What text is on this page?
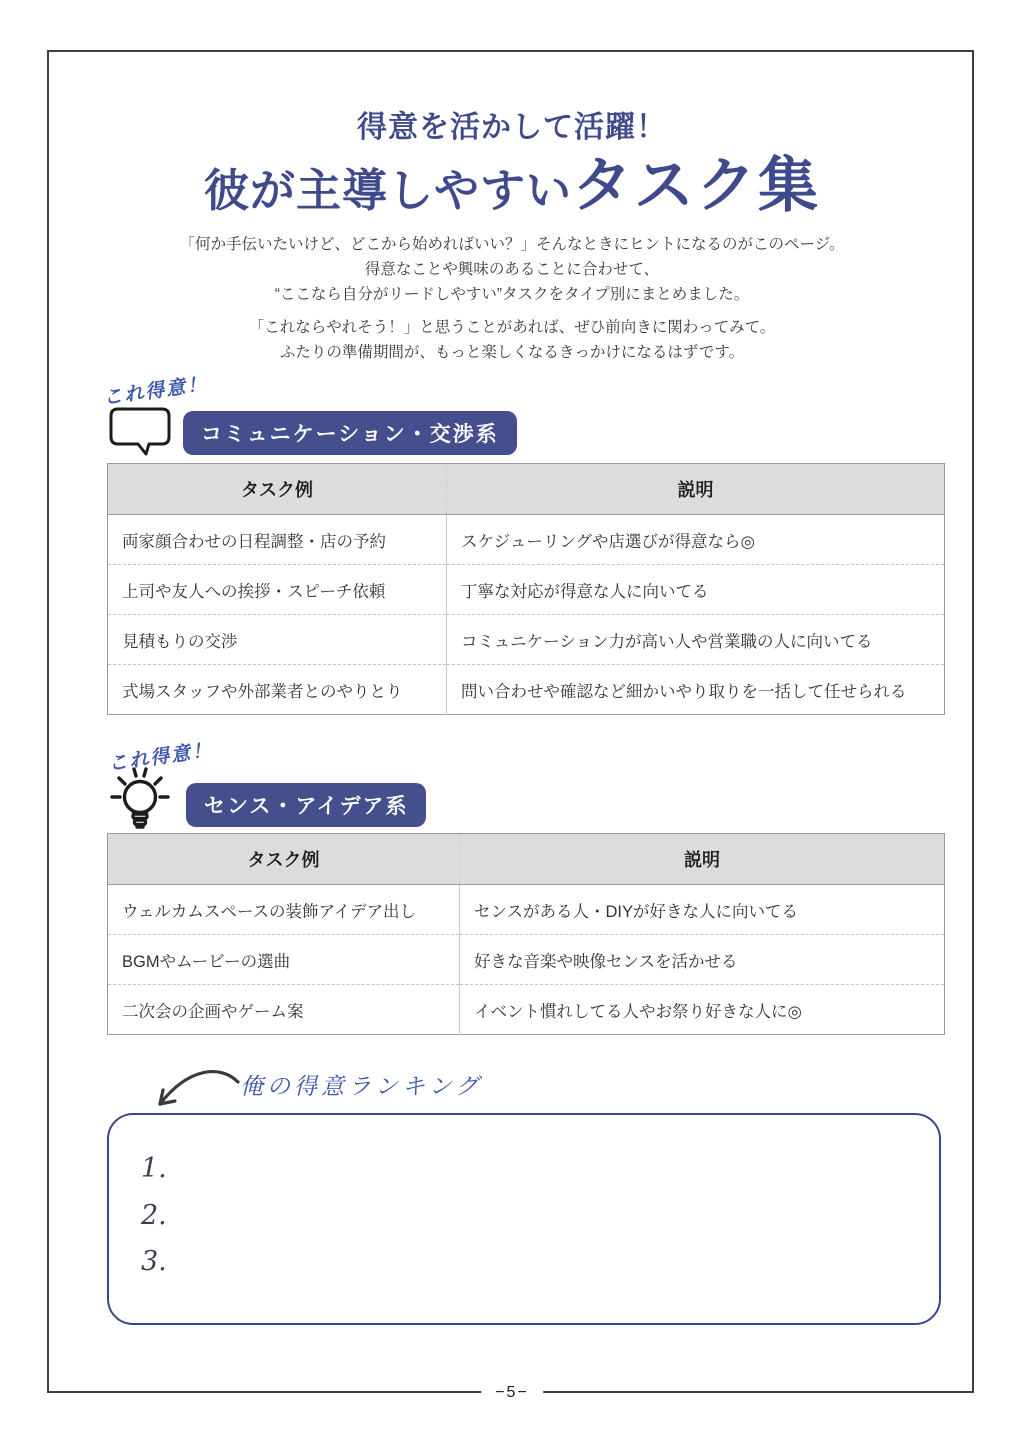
得意を活かして活躍！
彼が主導しやすいタスク集
「何か手伝いたいけど、どこから始めればいい？」そんなときにヒントになるのがこのページ。
得意なことや興味のあることに合わせて、
“ここなら自分がリードしやすい”タスクをタイプ別にまとめました。
「これならやれそう！」と思うことがあれば、ぜひ前向きに関わってみて。
ふたりの準備期間が、もっと楽しくなるきっかけになるはずです。
これ得意！
コミュニケーション・交渉系
タスク例	説明
両家顔合わせの日程調整・店の予約	スケジューリングや店選びが得意なら◎
上司や友人への挨拶・スピーチ依頼	丁寧な対応が得意な人に向いてる
見積もりの交渉	コミュニケーション力が高い人や営業職の人に向いてる
式場スタッフや外部業者とのやりとり	問い合わせや確認など細かいやり取りを一括して任せられる
これ得意！
センス・アイデア系
タスク例	説明
ウェルカムスペースの装飾アイデア出し	センスがある人・DIYが好きな人に向いてる
BGMやムービーの選曲	好きな音楽や映像センスを活かせる
二次会の企画やゲーム案	イベント慣れしてる人やお祭り好きな人に◎
俺の得意ランキング
1.
2.
3.
−5−
